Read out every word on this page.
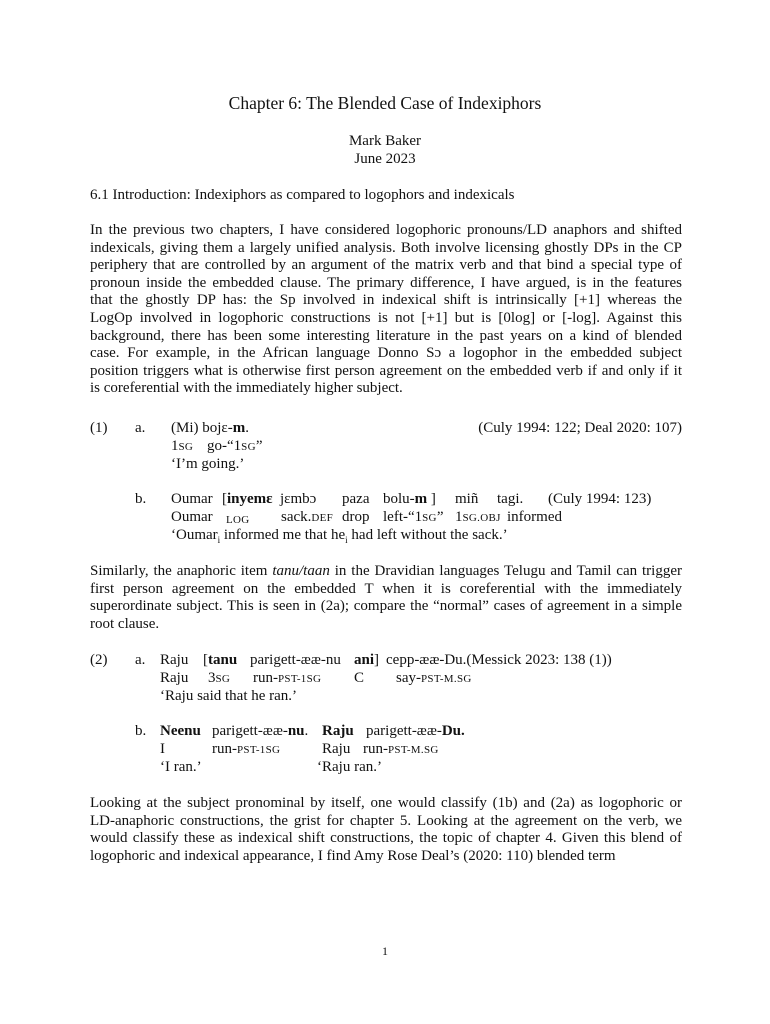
Chapter 6: The Blended Case of Indexiphors
Mark Baker
June 2023
6.1 Introduction: Indexiphors as compared to logophors and indexicals
In the previous two chapters, I have considered logophoric pronouns/LD anaphors and shifted
indexicals, giving them a largely unified analysis. Both involve licensing ghostly DPs in the CP
periphery that are controlled by an argument of the matrix verb and that bind a special type of
pronoun inside the embedded clause. The primary difference, I have argued, is in the features
that the ghostly DP has: the Sp involved in indexical shift is intrinsically [+1] whereas the
LogOp involved in logophoric constructions is not [+1] but is [0log] or [-log]. Against this
background, there has been some interesting literature in the past years on a kind of blended
case. For example, in the African language Donno Sɔ a logophor in the embedded subject
position triggers what is otherwise first person agreement on the embedded verb if and only if it
is coreferential with the immediately higher subject.
(1) a. (Mi) bojɛ-m.	(Culy 1994: 122; Deal 2020: 107)
1SG go-“1SG”
‘I’m going.’
b. Oumar [inyemɛ jɛmbɔ paza bolu-m ] miñ tagi. (Culy 1994: 123)
Oumar LOG sack.DEF drop left-“1SG” 1SG.OBJ informed
‘Oumar$_i$ informed me that $he_i$ had left without the sack.’
Similarly, the anaphoric item tanu/taan in the Dravidian languages Telugu and Tamil can trigger
first person agreement on the embedded T when it is coreferential with the immediately
superordinate subject. This is seen in (2a); compare the “normal” cases of agreement in a simple
root clause.
(2) a. Raju [tanu parigett-ææ-nu ani] cepp-ææ-Du.(Messick 2023: 138 (1))
Raju 3SG run-PST-1SG C say-PST-M.SG
‘Raju said that he ran.’
b. Neenu parigett-ææ-nu. Raju parigett-ææ-Du.
I	run-PST-1SG	Raju run-PST-M.SG
‘I ran.’	‘Raju ran.’
Looking at the subject pronominal by itself, one would classify (1b) and (2a) as logophoric or
LD-anaphoric constructions, the grist for chapter 5. Looking at the agreement on the verb, we
would classify these as indexical shift constructions, the topic of chapter 4. Given this blend of
logophoric and indexical appearance, I find Amy Rose Deal’s (2020: 110) blended term
1
